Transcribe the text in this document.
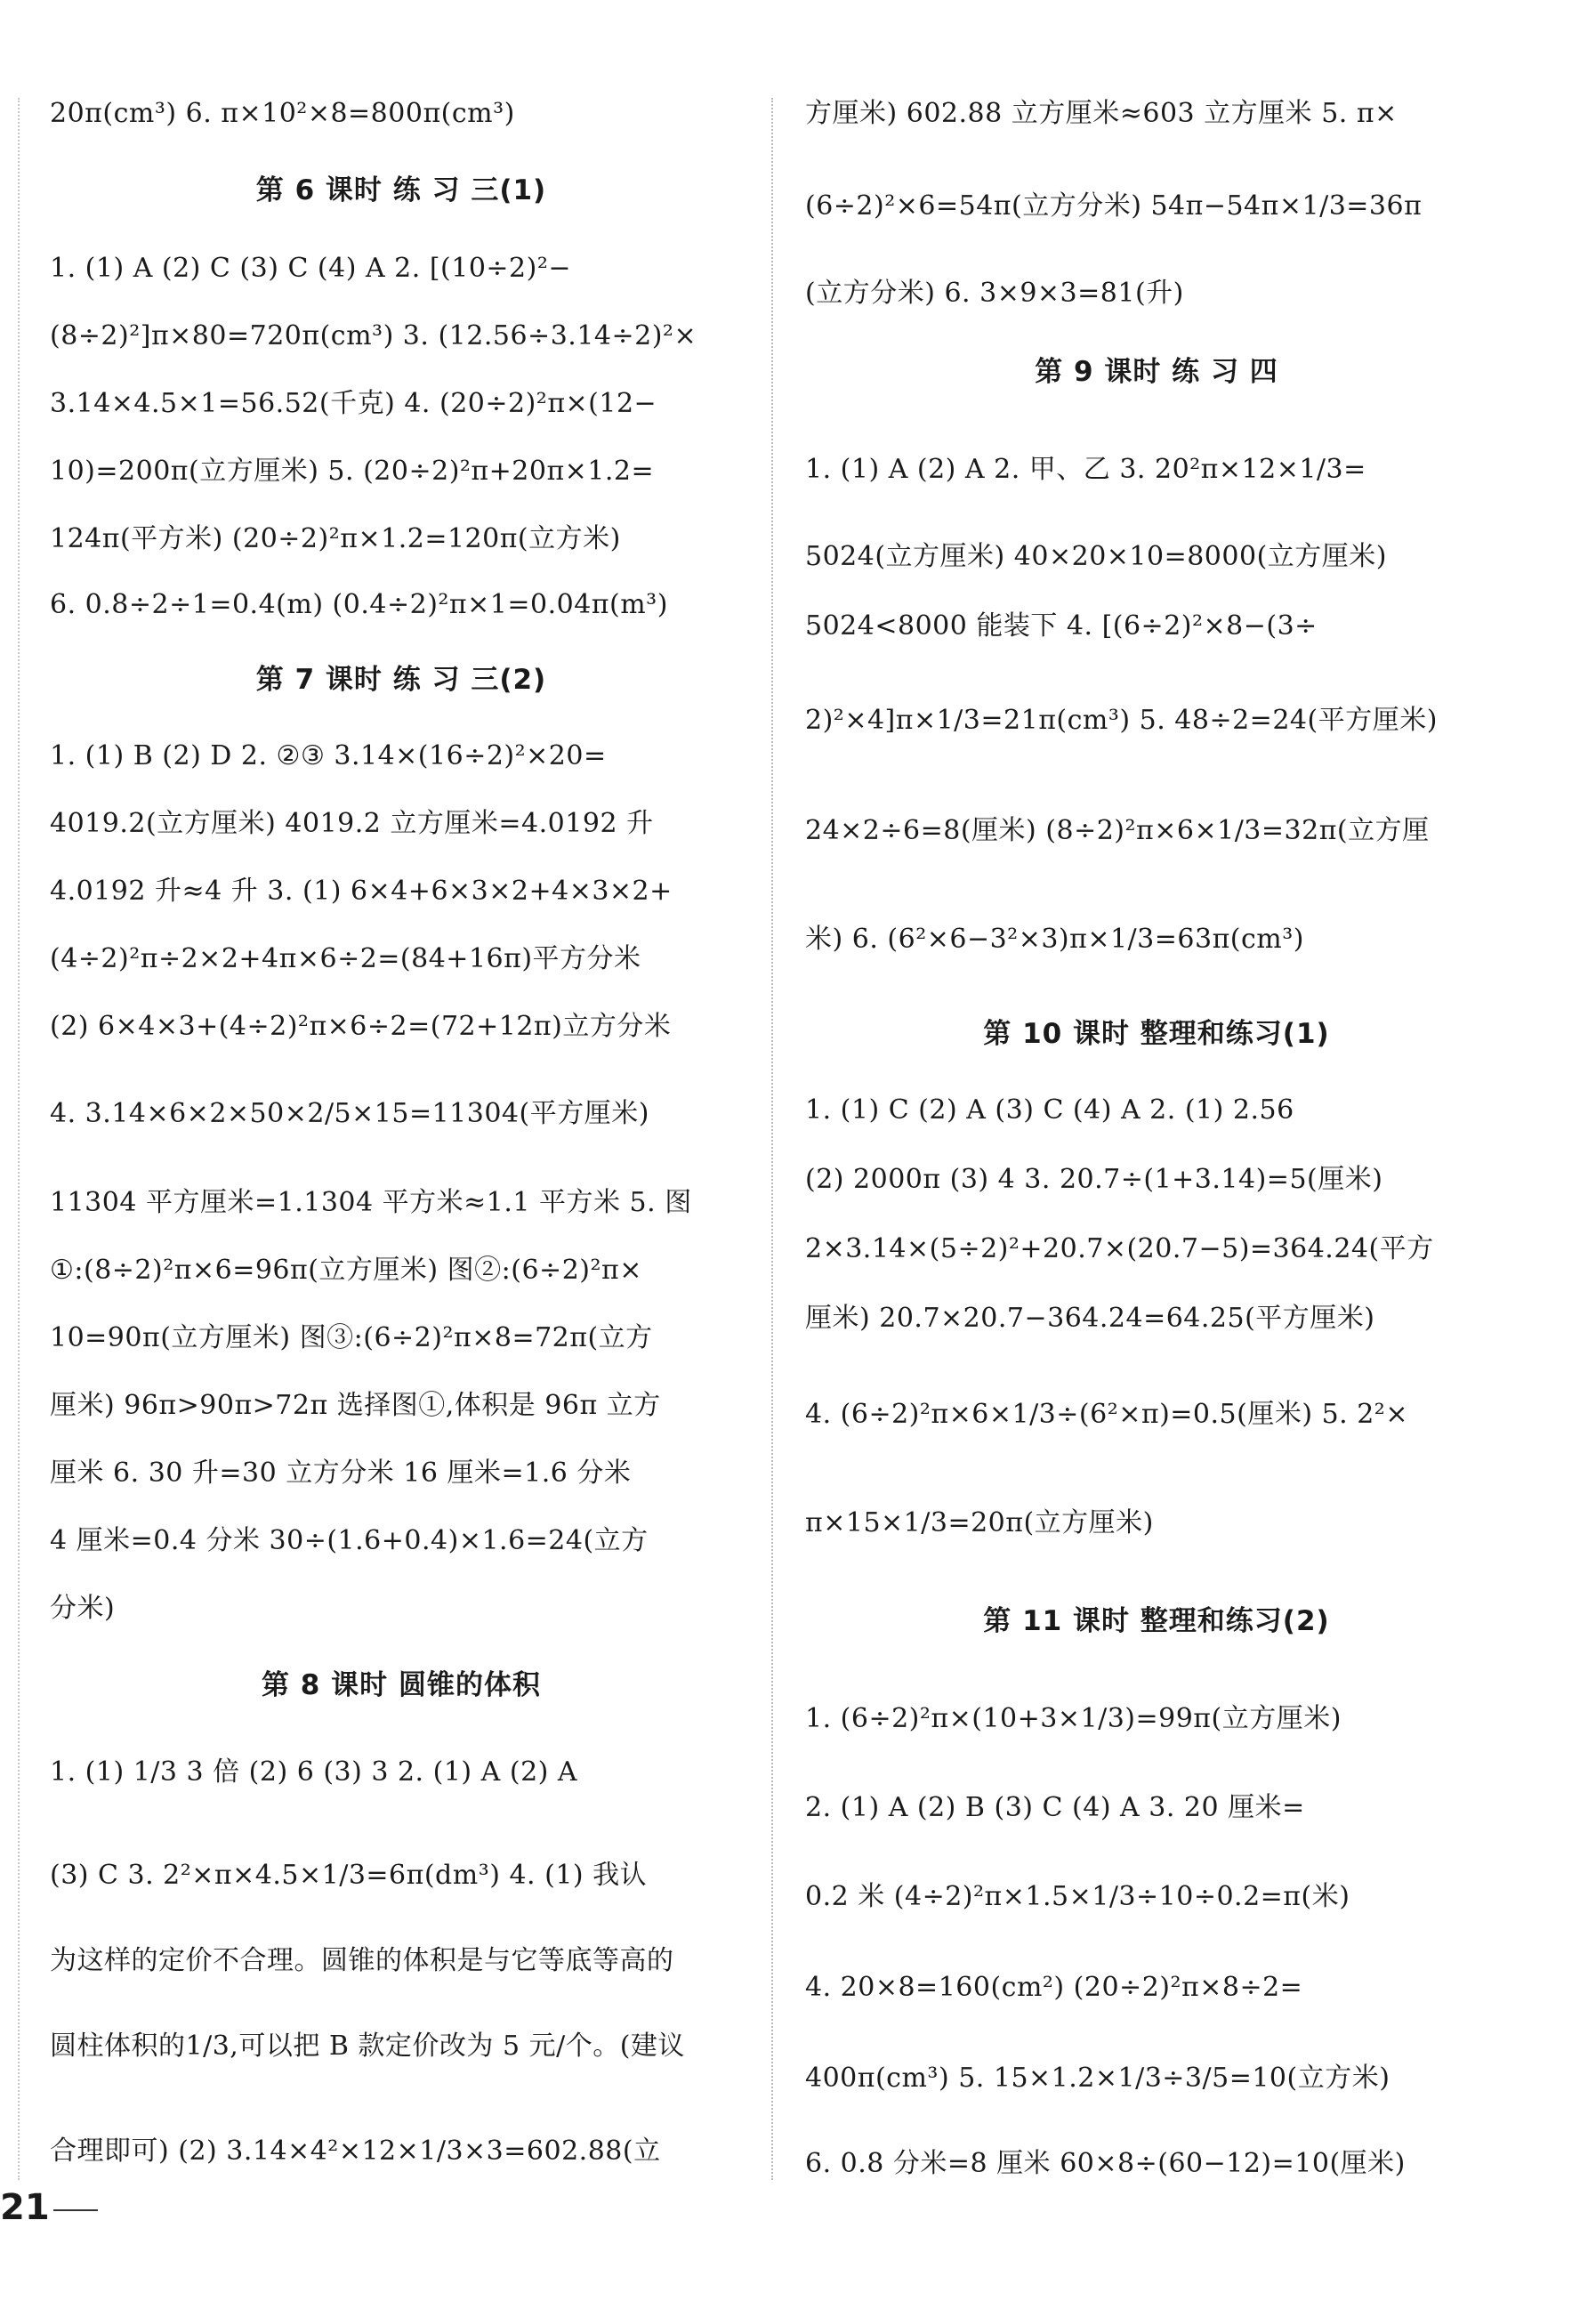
20π(cm³) 6. π×10²×8=800π(cm³)
第 6 课时 练 习 三(1)
1. (1) A (2) C (3) C (4) A 2. [(10÷2)²−
(8÷2)²]π×80=720π(cm³) 3. (12.56÷3.14÷2)²×
3.14×4.5×1=56.52(千克) 4. (20÷2)²π×(12−
10)=200π(立方厘米) 5. (20÷2)²π+20π×1.2=
124π(平方米) (20÷2)²π×1.2=120π(立方米)
6. 0.8÷2÷1=0.4(m) (0.4÷2)²π×1=0.04π(m³)
第 7 课时 练 习 三(2)
1. (1) B (2) D 2. ②③ 3.14×(16÷2)²×20=
4019.2(立方厘米) 4019.2 立方厘米=4.0192 升
4.0192 升≈4 升 3. (1) 6×4+6×3×2+4×3×2+
(4÷2)²π÷2×2+4π×6÷2=(84+16π)平方分米
(2) 6×4×3+(4÷2)²π×6÷2=(72+12π)立方分米
4. 3.14×6×2×50×2/5×15=11304(平方厘米)
11304 平方厘米=1.1304 平方米≈1.1 平方米 5. 图
①:(8÷2)²π×6=96π(立方厘米) 图②:(6÷2)²π×
10=90π(立方厘米) 图③:(6÷2)²π×8=72π(立方
厘米) 96π>90π>72π 选择图①,体积是 96π 立方
厘米 6. 30 升=30 立方分米 16 厘米=1.6 分米
4 厘米=0.4 分米 30÷(1.6+0.4)×1.6=24(立方
分米)
第 8 课时 圆锥的体积
1. (1) 1/3 3 倍 (2) 6 (3) 3 2. (1) A (2) A
(3) C 3. 2²×π×4.5×1/3=6π(dm³) 4. (1) 我认
为这样的定价不合理。圆锥的体积是与它等底等高的
圆柱体积的1/3,可以把 B 款定价改为 5 元/个。(建议
合理即可) (2) 3.14×4²×12×1/3×3=602.88(立
方厘米) 602.88 立方厘米≈603 立方厘米 5. π×
(6÷2)²×6=54π(立方分米) 54π−54π×1/3=36π
(立方分米) 6. 3×9×3=81(升)
第 9 课时 练 习 四
1. (1) A (2) A 2. 甲、乙 3. 20²π×12×1/3=
5024(立方厘米) 40×20×10=8000(立方厘米)
5024<8000 能装下 4. [(6÷2)²×8−(3÷
2)²×4]π×1/3=21π(cm³) 5. 48÷2=24(平方厘米)
24×2÷6=8(厘米) (8÷2)²π×6×1/3=32π(立方厘
米) 6. (6²×6−3²×3)π×1/3=63π(cm³)
第 10 课时 整理和练习(1)
1. (1) C (2) A (3) C (4) A 2. (1) 2.56
(2) 2000π (3) 4 3. 20.7÷(1+3.14)=5(厘米)
2×3.14×(5÷2)²+20.7×(20.7−5)=364.24(平方
厘米) 20.7×20.7−364.24=64.25(平方厘米)
4. (6÷2)²π×6×1/3÷(6²×π)=0.5(厘米) 5. 2²×
π×15×1/3=20π(立方厘米)
第 11 课时 整理和练习(2)
1. (6÷2)²π×(10+3×1/3)=99π(立方厘米)
2. (1) A (2) B (3) C (4) A 3. 20 厘米=
0.2 米 (4÷2)²π×1.5×1/3÷10÷0.2=π(米)
4. 20×8=160(cm²) (20÷2)²π×8÷2=
400π(cm³) 5. 15×1.2×1/3÷3/5=10(立方米)
6. 0.8 分米=8 厘米 60×8÷(60−12)=10(厘米)
21
